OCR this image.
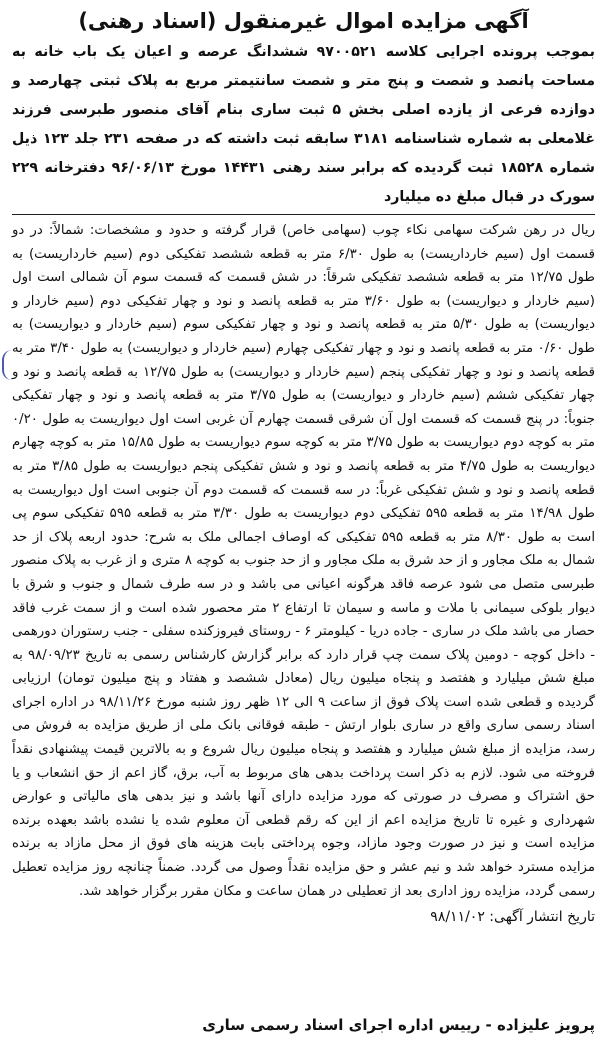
آگهی مزایده اموال غیرمنقول (اسناد رهنی)

بموجب پرونده اجرایی کلاسه ۹۷۰۰۵۲۱ ششدانگ عرصه و اعیان یک باب خانه به مساحت پانصد و شصت و پنج متر و شصت سانتیمتر مربع به پلاک ثبتی چهارصد و دوازده فرعی از یازده اصلی بخش ۵ ثبت ساری بنام آقای منصور طبرسی فرزند غلامعلی به شماره شناسنامه ۳۱۸۱ سابقه ثبت داشته که در صفحه ۲۳۱ جلد ۱۲۳ ذیل شماره ۱۸۵۲۸ ثبت گردیده که برابر سند رهنی ۱۴۴۳۱ مورخ ۹۶/۰۶/۱۳ دفترخانه ۲۲۹ سورک در قبال مبلغ ده میلیارد

ریال در رهن شرکت سهامی نکاء چوب (سهامی خاص) قرار گرفته و حدود و مشخصات: شمالاً: در دو قسمت اول (سیم خارداریست) به طول ۶/۳۰ متر به قطعه ششصد تفکیکی دوم (سیم خارداریست) به طول ۱۲/۷۵ متر به قطعه ششصد تفکیکی شرقاً: در شش قسمت که قسمت سوم آن شمالی است اول (سیم خاردار و دیواریست) به طول ۳/۶۰ متر به قطعه پانصد و نود و چهار تفکیکی دوم (سیم خاردار و دیواریست) به طول ۵/۳۰ متر به قطعه پانصد و نود و چهار تفکیکی سوم (سیم خاردار و دیواریست) به طول ۰/۶۰ متر به قطعه پانصد و نود و چهار تفکیکی چهارم (سیم خاردار و دیواریست) به طول ۳/۴۰ متر به قطعه پانصد و نود و چهار تفکیکی پنجم (سیم خاردار و دیواریست) به طول ۱۲/۷۵ به قطعه پانصد و نود و چهار تفکیکی ششم (سیم خاردار و دیواریست) به طول ۳/۷۵ متر به قطعه پانصد و نود و چهار تفکیکی جنوباً: در پنج قسمت که قسمت اول آن شرقی قسمت چهارم آن غربی است اول دیواریست به طول ۰/۲۰ متر به کوچه دوم دیواریست به طول ۳/۷۵ متر به کوچه سوم دیواریست به طول ۱۵/۸۵ متر به کوچه چهارم دیواریست به طول ۴/۷۵ متر به قطعه پانصد و نود و شش تفکیکی پنجم دیواریست به طول ۳/۸۵ متر به قطعه پانصد و نود و شش تفکیکی غرباً: در سه قسمت که قسمت دوم آن جنوبی است اول دیواریست به طول ۱۴/۹۸ متر به قطعه ۵۹۵ تفکیکی دوم دیواریست به طول ۳/۳۰ متر به قطعه ۵۹۵ تفکیکی سوم پی است به طول ۸/۳۰ متر به قطعه ۵۹۵ تفکیکی که اوصاف اجمالی ملک به شرح: حدود اربعه پلاک از حد شمال به ملک مجاور و از حد شرق به ملک مجاور و از حد جنوب به کوچه ۸ متری و از غرب به پلاک منصور طبرسی متصل می شود عرصه فاقد هرگونه اعیانی می باشد و در سه طرف شمال و جنوب و شرق با دیوار بلوکی سیمانی با ملات و ماسه و سیمان تا ارتفاع ۲ متر محصور شده است و از سمت غرب فاقد حصار می باشد ملک در ساری - جاده دریا - کیلومتر ۶ - روستای فیروزکنده سفلی - جنب رستوران دورهمی - داخل کوچه - دومین پلاک سمت چپ قرار دارد که برابر گزارش کارشناس رسمی به تاریخ ۹۸/۰۹/۲۳ به مبلغ شش میلیارد و هفتصد و پنجاه میلیون ریال (معادل ششصد و هفتاد و پنج میلیون تومان) ارزیابی گردیده و قطعی شده است پلاک فوق از ساعت ۹ الی ۱۲ ظهر روز شنبه مورخ ۹۸/۱۱/۲۶ در اداره اجرای اسناد رسمی ساری واقع در ساری بلوار ارتش - طبقه فوقانی بانک ملی از طریق مزایده به فروش می رسد، مزایده از مبلغ شش میلیارد و هفتصد و پنجاه میلیون ریال شروع و به بالاترین قیمت پیشنهادی نقداً فروخته می شود. لازم به ذکر است پرداخت بدهی های مربوط به آب، برق، گاز اعم از حق انشعاب و یا حق اشتراک و مصرف در صورتی که مورد مزایده دارای آنها باشد و نیز بدهی های مالیاتی و عوارض شهرداری و غیره تا تاریخ مزایده اعم از این که رقم قطعی آن معلوم شده یا نشده باشد بعهده برنده مزایده است و نیز در صورت وجود مازاد، وجوه پرداختی بابت هزینه های فوق از محل مازاد به برنده مزایده مسترد خواهد شد و نیم عشر و حق مزایده نقداً وصول می گردد. ضمناً چنانچه روز مزایده تعطیل رسمی گردد، مزایده روز اداری بعد از تعطیلی در همان ساعت و مکان مقرر برگزار خواهد شد.

تاریخ انتشار آگهی: ۹۸/۱۱/۰۲

پرویز علیزاده - رییس اداره اجرای اسناد رسمی ساری
